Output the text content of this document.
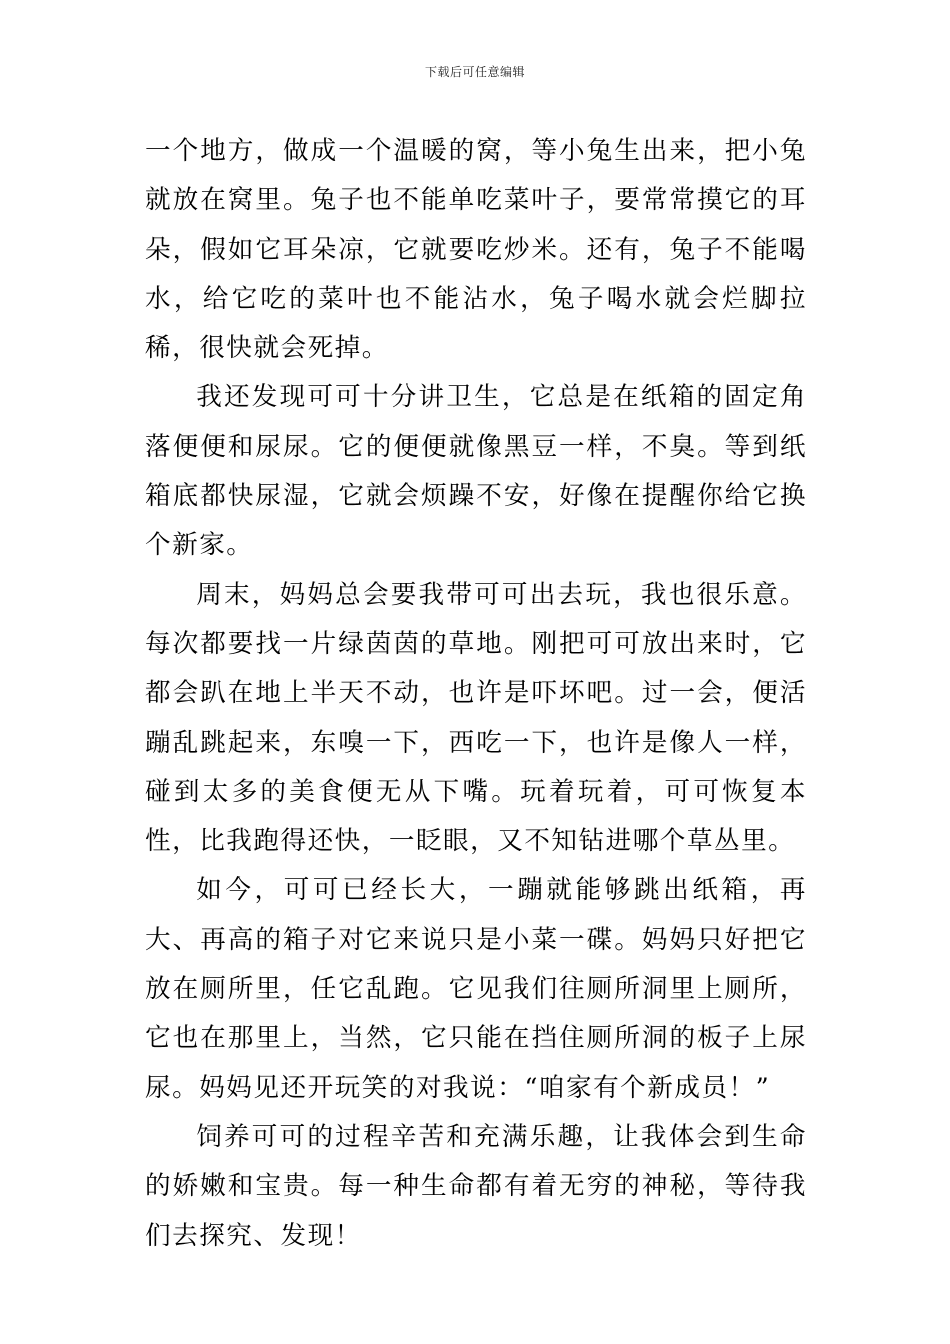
下载后可任意编辑

一个地方，做成一个温暖的窝，等小兔生出来，把小兔就放在窝里。兔子也不能单吃菜叶子，要常常摸它的耳朵，假如它耳朵凉，它就要吃炒米。还有，兔子不能喝水，给它吃的菜叶也不能沾水，兔子喝水就会烂脚拉稀，很快就会死掉。

我还发现可可十分讲卫生，它总是在纸箱的固定角落便便和尿尿。它的便便就像黑豆一样，不臭。等到纸箱底都快尿湿，它就会烦躁不安，好像在提醒你给它换个新家。

周末，妈妈总会要我带可可出去玩，我也很乐意。每次都要找一片绿茵茵的草地。刚把可可放出来时，它都会趴在地上半天不动，也许是吓坏吧。过一会，便活蹦乱跳起来，东嗅一下，西吃一下，也许是像人一样，碰到太多的美食便无从下嘴。玩着玩着，可可恢复本性，比我跑得还快，一眨眼，又不知钻进哪个草丛里。

如今，可可已经长大，一蹦就能够跳出纸箱，再大、再高的箱子对它来说只是小菜一碟。妈妈只好把它放在厕所里，任它乱跑。它见我们往厕所洞里上厕所，它也在那里上，当然，它只能在挡住厕所洞的板子上尿尿。妈妈见还开玩笑的对我说：“咱家有个新成员！”

饲养可可的过程辛苦和充满乐趣，让我体会到生命的娇嫩和宝贵。每一种生命都有着无穷的神秘，等待我们去探究、发现！
